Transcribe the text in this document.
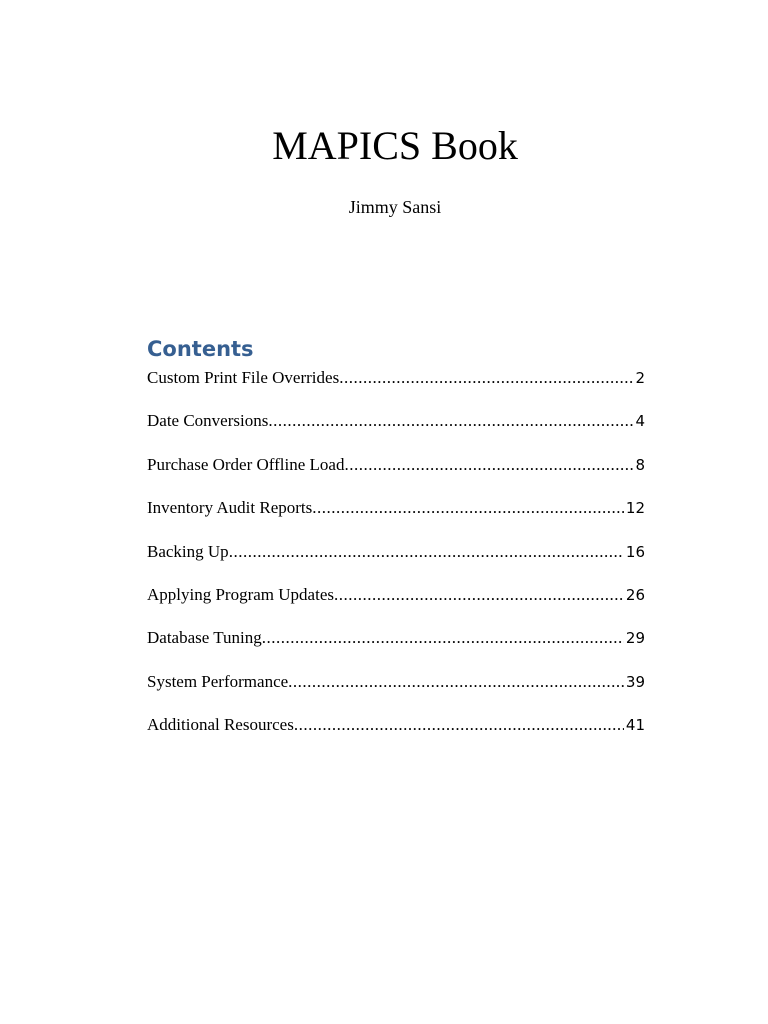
MAPICS Book
Jimmy Sansi
Contents
Custom Print File Overrides .....	2
Date Conversions .....	4
Purchase Order Offline Load .....	8
Inventory Audit Reports .....	12
Backing Up .....	16
Applying Program Updates .....	26
Database Tuning .....	29
System Performance .....	39
Additional Resources .....	41
